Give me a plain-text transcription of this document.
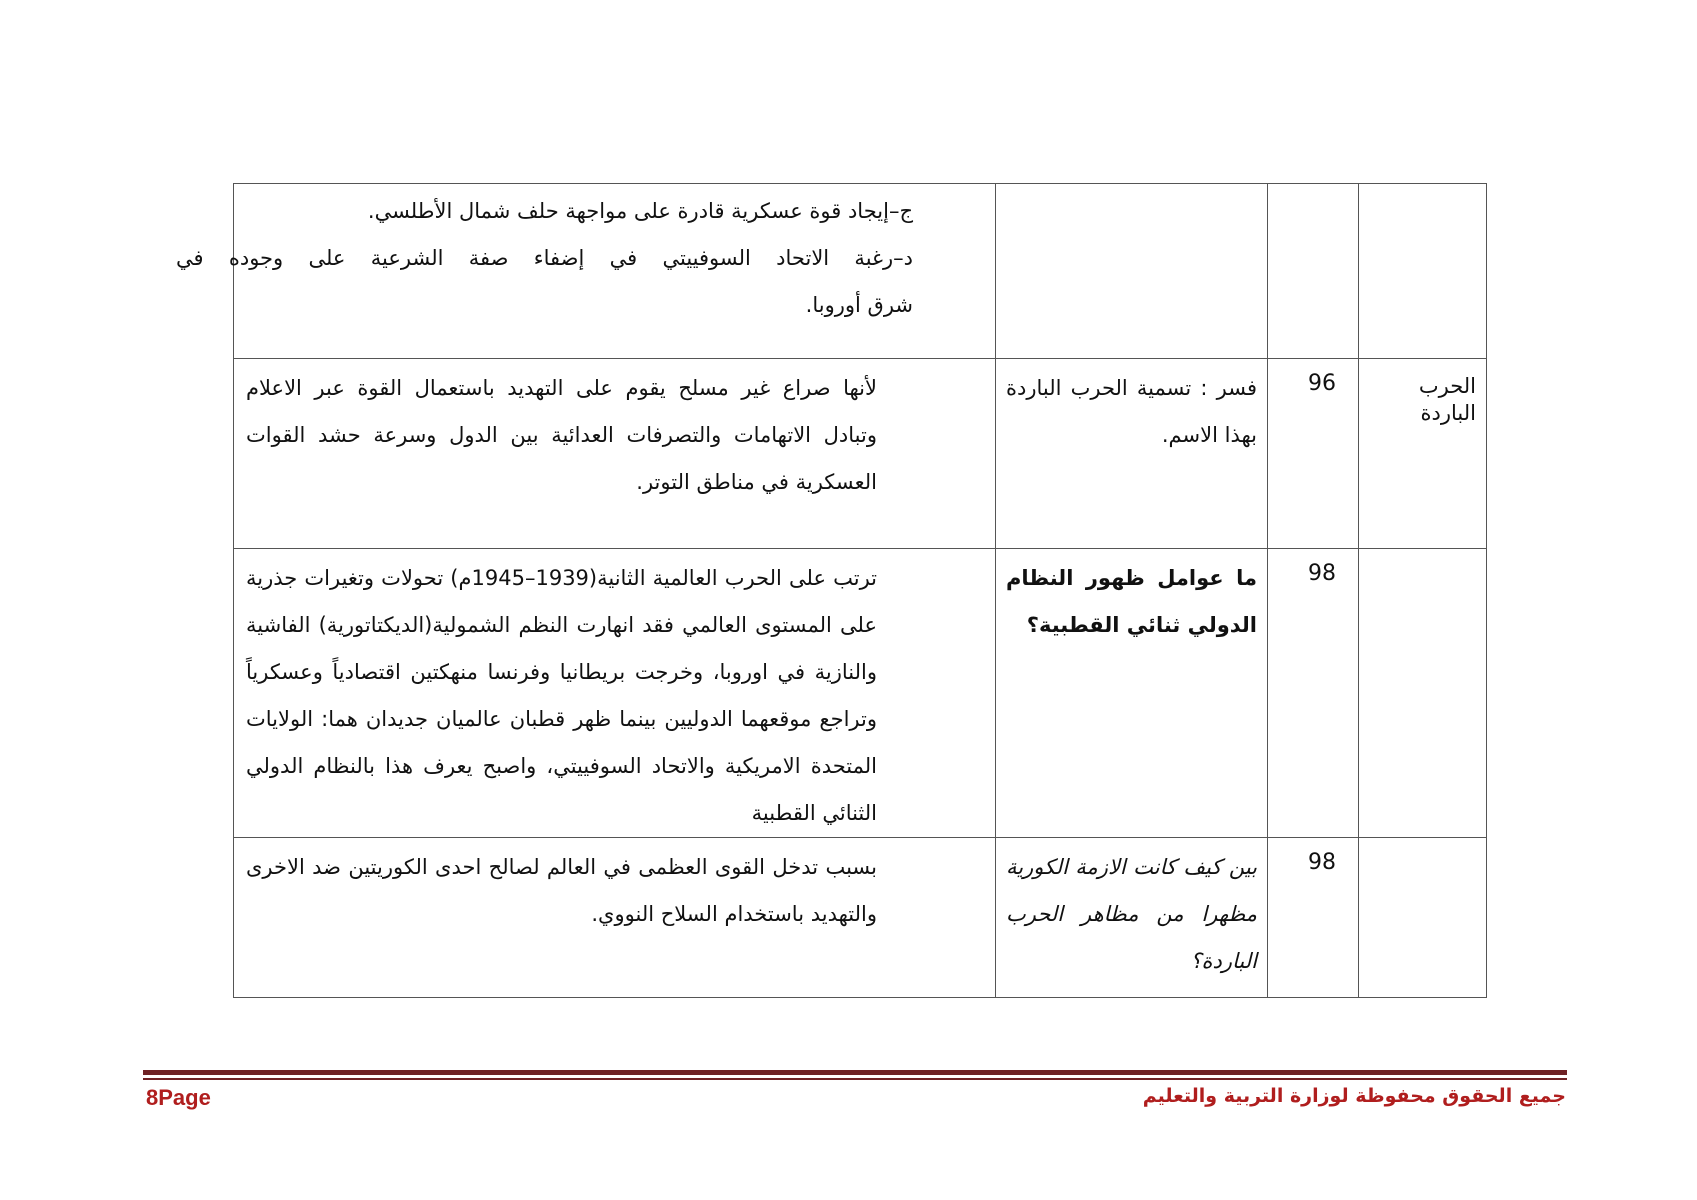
			ج–إيجاد قوة عسكرية قادرة على مواجهة حلف شمال الأطلسي.
د–رغبة الاتحاد السوفييتي في إضفاء صفة الشرعية على وجوده في
شرق أوروبا.

الحرب الباردة	96	فسر : تسمية الحرب الباردة بهذا الاسم.	لأنها صراع غير مسلح يقوم على التهديد باستعمال القوة عبر الاعلام وتبادل الاتهامات والتصرفات العدائية بين الدول وسرعة حشد القوات العسكرية في مناطق التوتر.
	98	ما عوامل ظهور النظام الدولي ثنائي القطبية؟	ترتب على الحرب العالمية الثانية(1939–1945م) تحولات وتغيرات جذرية على المستوى العالمي فقد انهارت النظم الشمولية(الديكتاتورية) الفاشية والنازية في اوروبا، وخرجت بريطانيا وفرنسا منهكتين اقتصادياً وعسكرياً وتراجع موقعهما الدوليين بينما ظهر قطبان عالميان جديدان هما: الولايات المتحدة الامريكية والاتحاد السوفييتي، واصبح يعرف هذا بالنظام الدولي الثنائي القطبية
	98	بين كيف كانت الازمة الكورية مظهرا من مظاهر الحرب الباردة؟	بسبب تدخل القوى العظمى في العالم لصالح احدى الكوريتين ضد الاخرى والتهديد باستخدام السلاح النووي.
8Page	جميع الحقوق محفوظة لوزارة التربية والتعليم
